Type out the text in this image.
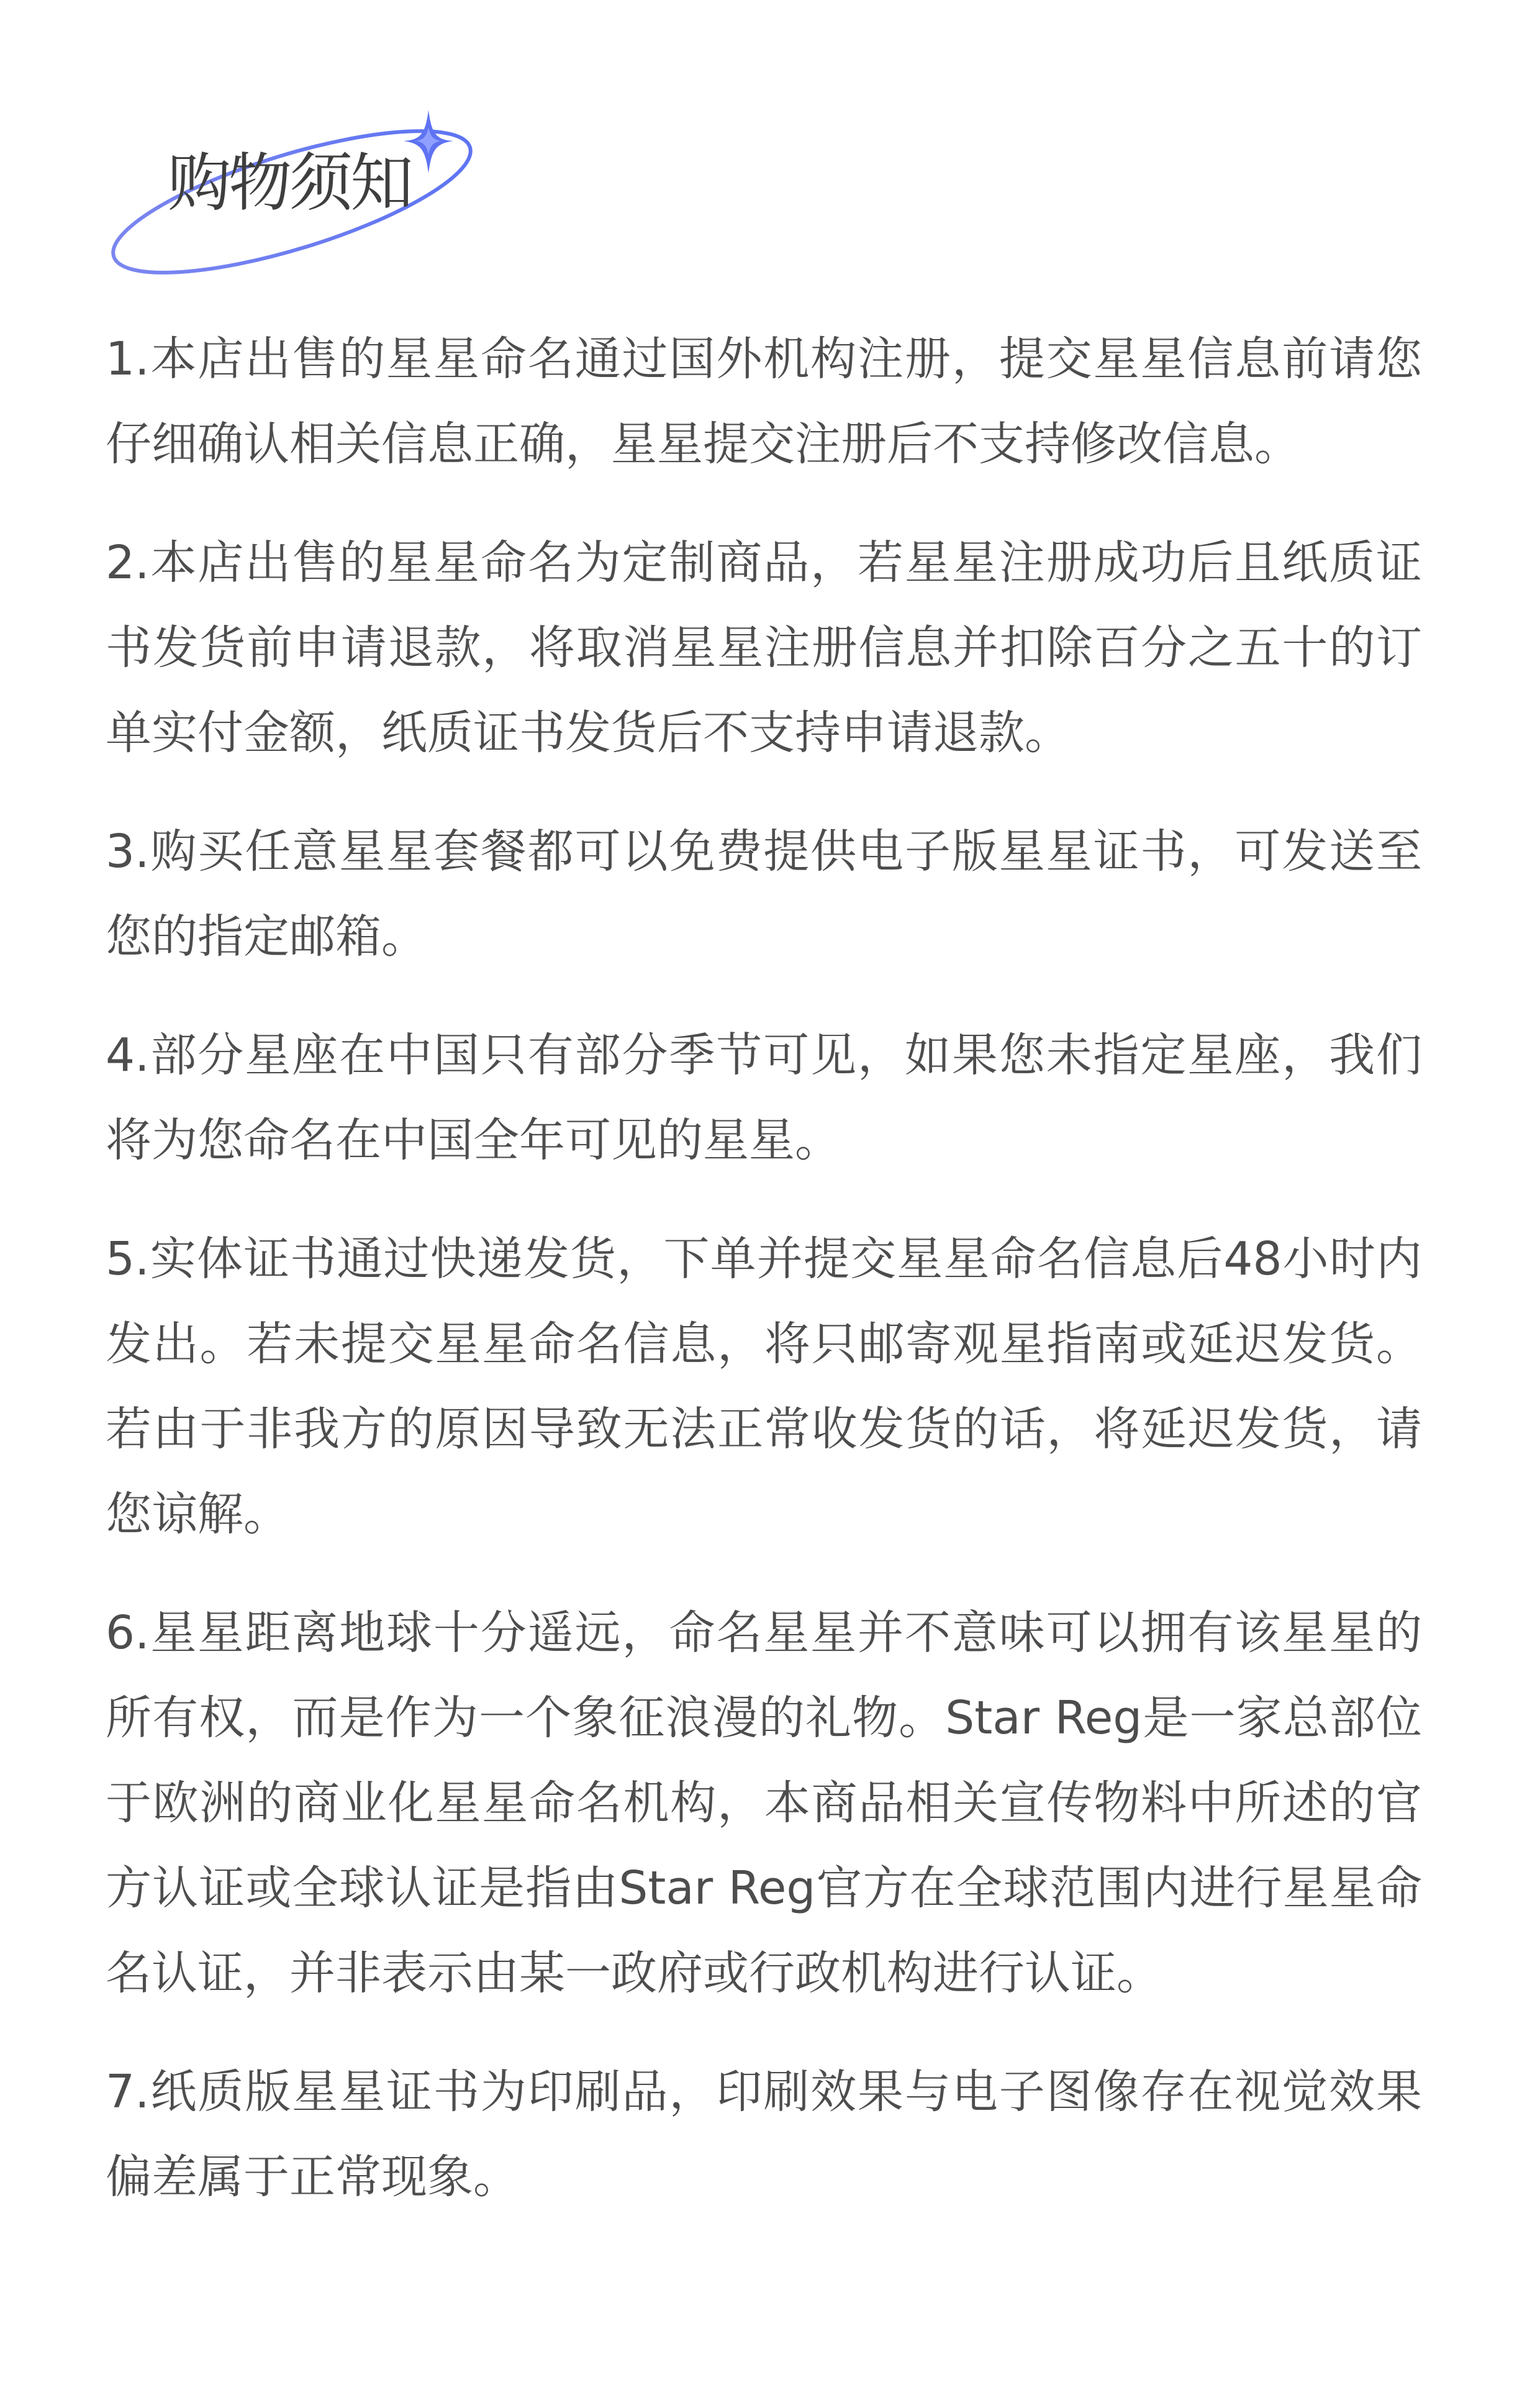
购物须知

1.本店出售的星星命名通过国外机构注册，提交星星信息前请您仔细确认相关信息正确，星星提交注册后不支持修改信息。

2.本店出售的星星命名为定制商品，若星星注册成功后且纸质证书发货前申请退款，将取消星星注册信息并扣除百分之五十的订单实付金额，纸质证书发货后不支持申请退款。

3.购买任意星星套餐都可以免费提供电子版星星证书，可发送至您的指定邮箱。

4.部分星座在中国只有部分季节可见，如果您未指定星座，我们将为您命名在中国全年可见的星星。

5.实体证书通过快递发货，下单并提交星星命名信息后48小时内发出。若未提交星星命名信息，将只邮寄观星指南或延迟发货。若由于非我方的原因导致无法正常收发货的话，将延迟发货，请您谅解。

6.星星距离地球十分遥远，命名星星并不意味可以拥有该星星的所有权，而是作为一个象征浪漫的礼物。Star Reg是一家总部位于欧洲的商业化星星命名机构，本商品相关宣传物料中所述的官方认证或全球认证是指由Star Reg官方在全球范围内进行星星命名认证，并非表示由某一政府或行政机构进行认证。

7.纸质版星星证书为印刷品，印刷效果与电子图像存在视觉效果偏差属于正常现象。
